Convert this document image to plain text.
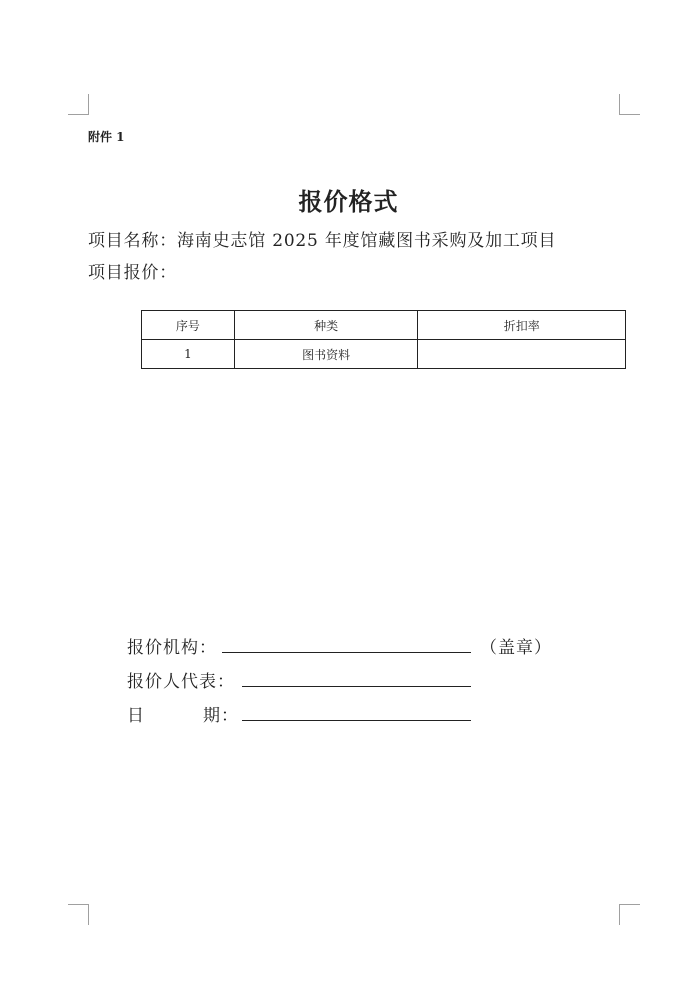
附件 1
报价格式
项目名称：海南史志馆 2025 年度馆藏图书采购及加工项目
项目报价：
序号	种类	折扣率
1	图书资料	
报价机构：	（盖章）
报价人代表：
日	期：
